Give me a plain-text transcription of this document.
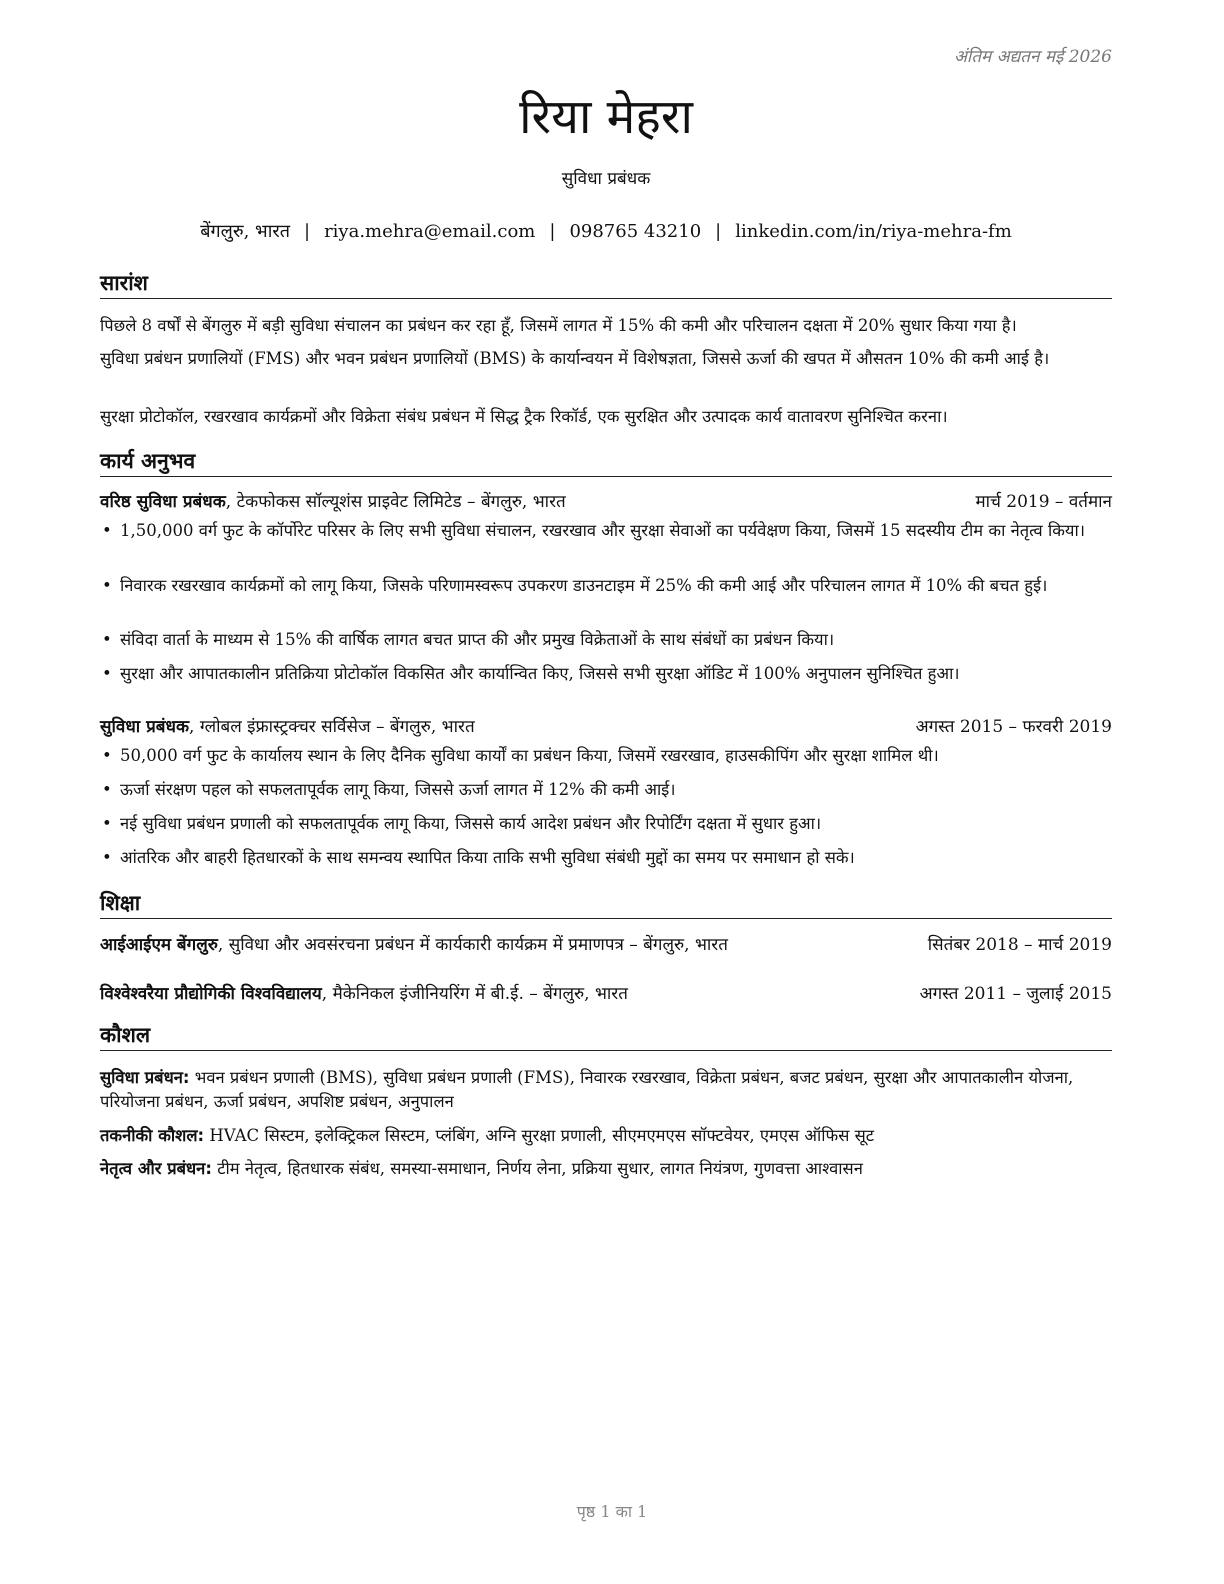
अंतिम अद्यतन मई 2026
रिया मेहरा
सुविधा प्रबंधक
बेंगलुरु, भारत | riya.mehra@email.com | 098765 43210 | linkedin.com/in/riya-mehra-fm
सारांश
पिछले 8 वर्षों से बेंगलुरु में बड़ी सुविधा संचालन का प्रबंधन कर रहा हूँ, जिसमें लागत में 15% की कमी और परिचालन दक्षता में 20% सुधार किया गया है।
सुविधा प्रबंधन प्रणालियों (FMS) और भवन प्रबंधन प्रणालियों (BMS) के कार्यान्वयन में विशेषज्ञता, जिससे ऊर्जा की खपत में औसतन 10% की कमी आई है।
सुरक्षा प्रोटोकॉल, रखरखाव कार्यक्रमों और विक्रेता संबंध प्रबंधन में सिद्ध ट्रैक रिकॉर्ड, एक सुरक्षित और उत्पादक कार्य वातावरण सुनिश्चित करना।
कार्य अनुभव
वरिष्ठ सुविधा प्रबंधक, टेकफोकस सॉल्यूशंस प्राइवेट लिमिटेड – बेंगलुरु, भारत	मार्च 2019 – वर्तमान
• 1,50,000 वर्ग फुट के कॉर्पोरेट परिसर के लिए सभी सुविधा संचालन, रखरखाव और सुरक्षा सेवाओं का पर्यवेक्षण किया, जिसमें 15 सदस्यीय टीम का नेतृत्व किया।
• निवारक रखरखाव कार्यक्रमों को लागू किया, जिसके परिणामस्वरूप उपकरण डाउनटाइम में 25% की कमी आई और परिचालन लागत में 10% की बचत हुई।
• संविदा वार्ता के माध्यम से 15% की वार्षिक लागत बचत प्राप्त की और प्रमुख विक्रेताओं के साथ संबंधों का प्रबंधन किया।
• सुरक्षा और आपातकालीन प्रतिक्रिया प्रोटोकॉल विकसित और कार्यान्वित किए, जिससे सभी सुरक्षा ऑडिट में 100% अनुपालन सुनिश्चित हुआ।
सुविधा प्रबंधक, ग्लोबल इंफ्रास्ट्रक्चर सर्विसेज – बेंगलुरु, भारत	अगस्त 2015 – फरवरी 2019
• 50,000 वर्ग फुट के कार्यालय स्थान के लिए दैनिक सुविधा कार्यों का प्रबंधन किया, जिसमें रखरखाव, हाउसकीपिंग और सुरक्षा शामिल थी।
• ऊर्जा संरक्षण पहल को सफलतापूर्वक लागू किया, जिससे ऊर्जा लागत में 12% की कमी आई।
• नई सुविधा प्रबंधन प्रणाली को सफलतापूर्वक लागू किया, जिससे कार्य आदेश प्रबंधन और रिपोर्टिंग दक्षता में सुधार हुआ।
• आंतरिक और बाहरी हितधारकों के साथ समन्वय स्थापित किया ताकि सभी सुविधा संबंधी मुद्दों का समय पर समाधान हो सके।
शिक्षा
आईआईएम बेंगलुरु, सुविधा और अवसंरचना प्रबंधन में कार्यकारी कार्यक्रम में प्रमाणपत्र – बेंगलुरु, भारत	सितंबर 2018 – मार्च 2019
विश्वेश्वरैया प्रौद्योगिकी विश्वविद्यालय, मैकेनिकल इंजीनियरिंग में बी.ई. – बेंगलुरु, भारत	अगस्त 2011 – जुलाई 2015
कौशल
सुविधा प्रबंधन: भवन प्रबंधन प्रणाली (BMS), सुविधा प्रबंधन प्रणाली (FMS), निवारक रखरखाव, विक्रेता प्रबंधन, बजट प्रबंधन, सुरक्षा और आपातकालीन योजना, परियोजना प्रबंधन, ऊर्जा प्रबंधन, अपशिष्ट प्रबंधन, अनुपालन
तकनीकी कौशल: HVAC सिस्टम, इलेक्ट्रिकल सिस्टम, प्लंबिंग, अग्नि सुरक्षा प्रणाली, सीएमएमएस सॉफ्टवेयर, एमएस ऑफिस सूट
नेतृत्व और प्रबंधन: टीम नेतृत्व, हितधारक संबंध, समस्या-समाधान, निर्णय लेना, प्रक्रिया सुधार, लागत नियंत्रण, गुणवत्ता आश्वासन
पृष्ठ 1 का 1
